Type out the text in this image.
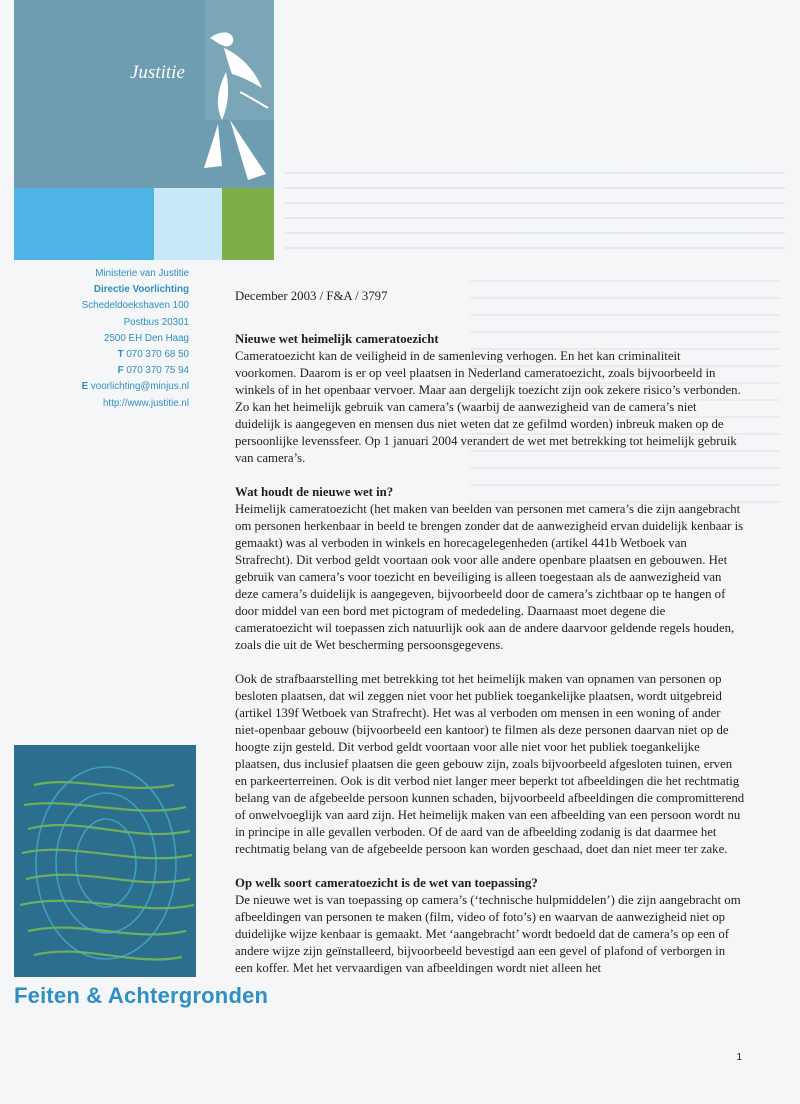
Justitie
Ministerie van Justitie
Directie Voorlichting
Schedeldoekshaven 100
Postbus 20301
2500 EH Den Haag
T 070 370 68 50
F 070 370 75 94
E voorlichting@minjus.nl
http://www.justitie.nl
Feiten & Achtergronden
1
December 2003 / F&A / 3797

Nieuwe wet heimelijk cameratoezicht

Cameratoezicht kan de veiligheid in de samenleving verhogen. En het kan criminaliteit voorkomen. Daarom is er op veel plaatsen in Nederland cameratoezicht, zoals bijvoorbeeld in winkels of in het openbaar vervoer. Maar aan dergelijk toezicht zijn ook zekere risico’s verbonden. Zo kan het heimelijk gebruik van camera’s (waarbij de aanwezigheid van de camera’s niet duidelijk is aangegeven en mensen dus niet weten dat ze gefilmd worden) inbreuk maken op de persoonlijke levenssfeer. Op 1 januari 2004 verandert de wet met betrekking tot heimelijk gebruik van camera’s.

Wat houdt de nieuwe wet in?

Heimelijk cameratoezicht (het maken van beelden van personen met camera’s die zijn aangebracht om personen herkenbaar in beeld te brengen zonder dat de aanwezigheid ervan duidelijk kenbaar is gemaakt) was al verboden in winkels en horecagelegenheden (artikel 441b Wetboek van Strafrecht). Dit verbod geldt voortaan ook voor alle andere openbare plaatsen en gebouwen. Het gebruik van camera’s voor toezicht en beveiliging is alleen toegestaan als de aanwezigheid van deze camera’s duidelijk is aangegeven, bijvoorbeeld door de camera’s zichtbaar op te hangen of door middel van een bord met pictogram of mededeling. Daarnaast moet degene die cameratoezicht wil toepassen zich natuurlijk ook aan de andere daarvoor geldende regels houden, zoals die uit de Wet bescherming persoonsgegevens.

Ook de strafbaarstelling met betrekking tot het heimelijk maken van opnamen van personen op besloten plaatsen, dat wil zeggen niet voor het publiek toegankelijke plaatsen, wordt uitgebreid (artikel 139f Wetboek van Strafrecht). Het was al verboden om mensen in een woning of ander niet-openbaar gebouw (bijvoorbeeld een kantoor) te filmen als deze personen daarvan niet op de hoogte zijn gesteld. Dit verbod geldt voortaan voor alle niet voor het publiek toegankelijke plaatsen, dus inclusief plaatsen die geen gebouw zijn, zoals bijvoorbeeld afgesloten tuinen, erven en parkeerterreinen. Ook is dit verbod niet langer meer beperkt tot afbeeldingen die het rechtmatig belang van de afgebeelde persoon kunnen schaden, bijvoorbeeld afbeeldingen die compromitterend of onwelvoeglijk van aard zijn. Het heimelijk maken van een afbeelding van een persoon wordt nu in principe in alle gevallen verboden. Of de aard van de afbeelding zodanig is dat daarmee het rechtmatig belang van de afgebeelde persoon kan worden geschaad, doet dan niet meer ter zake.

Op welk soort cameratoezicht is de wet van toepassing?

De nieuwe wet is van toepassing op camera’s (‘technische hulpmiddelen’) die zijn aangebracht om afbeeldingen van personen te maken (film, video of foto’s) en waarvan de aanwezigheid niet op duidelijke wijze kenbaar is gemaakt. Met ‘aangebracht’ wordt bedoeld dat de camera’s op een of andere wijze zijn geïnstalleerd, bijvoorbeeld bevestigd aan een gevel of plafond of verborgen in een koffer. Met het vervaardigen van afbeeldingen wordt niet alleen het
